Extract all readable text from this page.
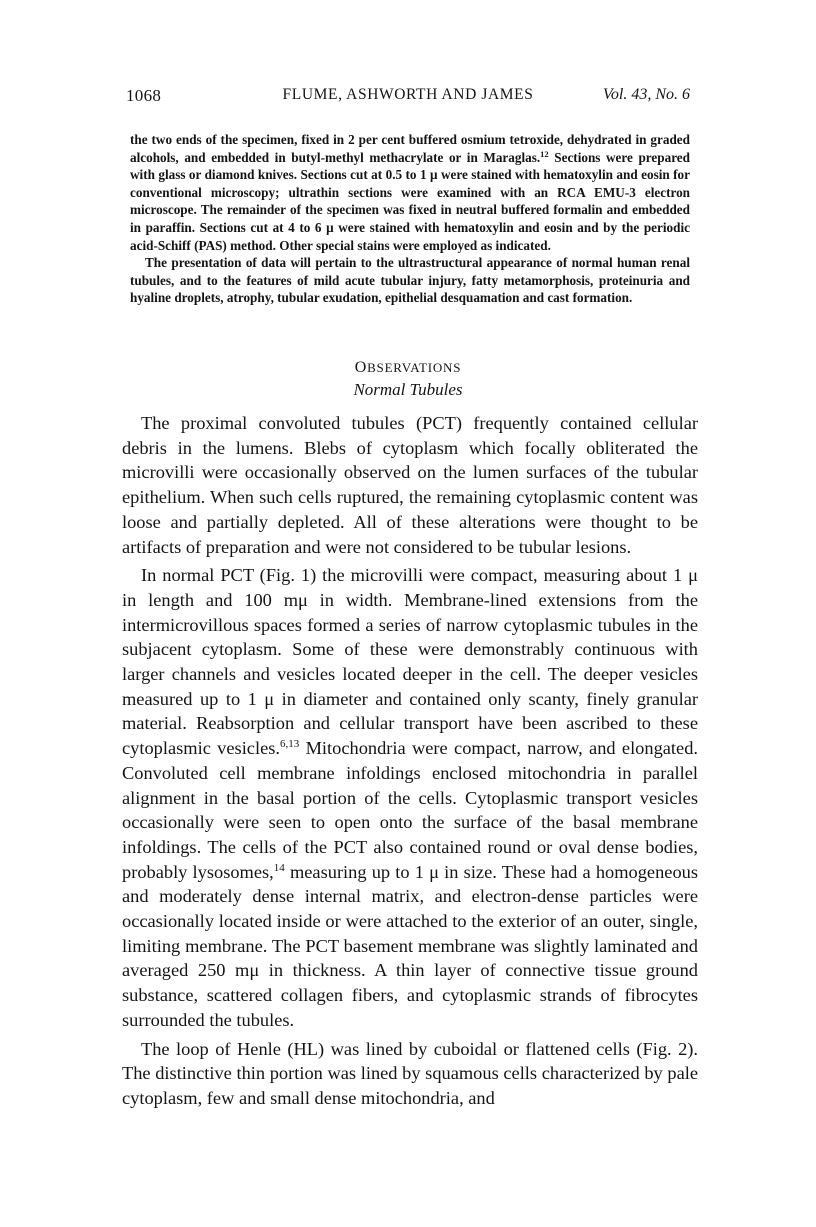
1068	FLUME, ASHWORTH AND JAMES	Vol. 43, No. 6

the two ends of the specimen, fixed in 2 per cent buffered osmium tetroxide, dehydrated in graded alcohols, and embedded in butyl-methyl methacrylate or in Maraglas.$^{12}$ Sections were prepared with glass or diamond knives. Sections cut at 0.5 to 1 μ were stained with hematoxylin and eosin for conventional microscopy; ultrathin sections were examined with an RCA EMU-3 electron microscope. The remainder of the specimen was fixed in neutral buffered formalin and embedded in paraffin. Sections cut at 4 to 6 μ were stained with hematoxylin and eosin and by the periodic acid-Schiff (PAS) method. Other special stains were employed as indicated.

The presentation of data will pertain to the ultrastructural appearance of normal human renal tubules, and to the features of mild acute tubular injury, fatty metamorphosis, proteinuria and hyaline droplets, atrophy, tubular exudation, epithelial desquamation and cast formation.

OBSERVATIONS
Normal Tubules

The proximal convoluted tubules (PCT) frequently contained cellular debris in the lumens. Blebs of cytoplasm which focally obliterated the microvilli were occasionally observed on the lumen surfaces of the tubular epithelium. When such cells ruptured, the remaining cytoplasmic content was loose and partially depleted. All of these alterations were thought to be artifacts of preparation and were not considered to be tubular lesions.

In normal PCT (Fig. 1) the microvilli were compact, measuring about 1 μ in length and 100 mμ in width. Membrane-lined extensions from the intermicrovillous spaces formed a series of narrow cytoplasmic tubules in the subjacent cytoplasm. Some of these were demonstrably continuous with larger channels and vesicles located deeper in the cell. The deeper vesicles measured up to 1 μ in diameter and contained only scanty, finely granular material. Reabsorption and cellular transport have been ascribed to these cytoplasmic vesicles.$^{6,13}$ Mitochondria were compact, narrow, and elongated. Convoluted cell membrane infoldings enclosed mitochondria in parallel alignment in the basal portion of the cells. Cytoplasmic transport vesicles occasionally were seen to open onto the surface of the basal membrane infoldings. The cells of the PCT also contained round or oval dense bodies, probably lysosomes,$^{14}$ measuring up to 1 μ in size. These had a homogeneous and moderately dense internal matrix, and electron-dense particles were occasionally located inside or were attached to the exterior of an outer, single, limiting membrane. The PCT basement membrane was slightly laminated and averaged 250 mμ in thickness. A thin layer of connective tissue ground substance, scattered collagen fibers, and cytoplasmic strands of fibrocytes surrounded the tubules.

The loop of Henle (HL) was lined by cuboidal or flattened cells (Fig. 2). The distinctive thin portion was lined by squamous cells characterized by pale cytoplasm, few and small dense mitochondria, and
